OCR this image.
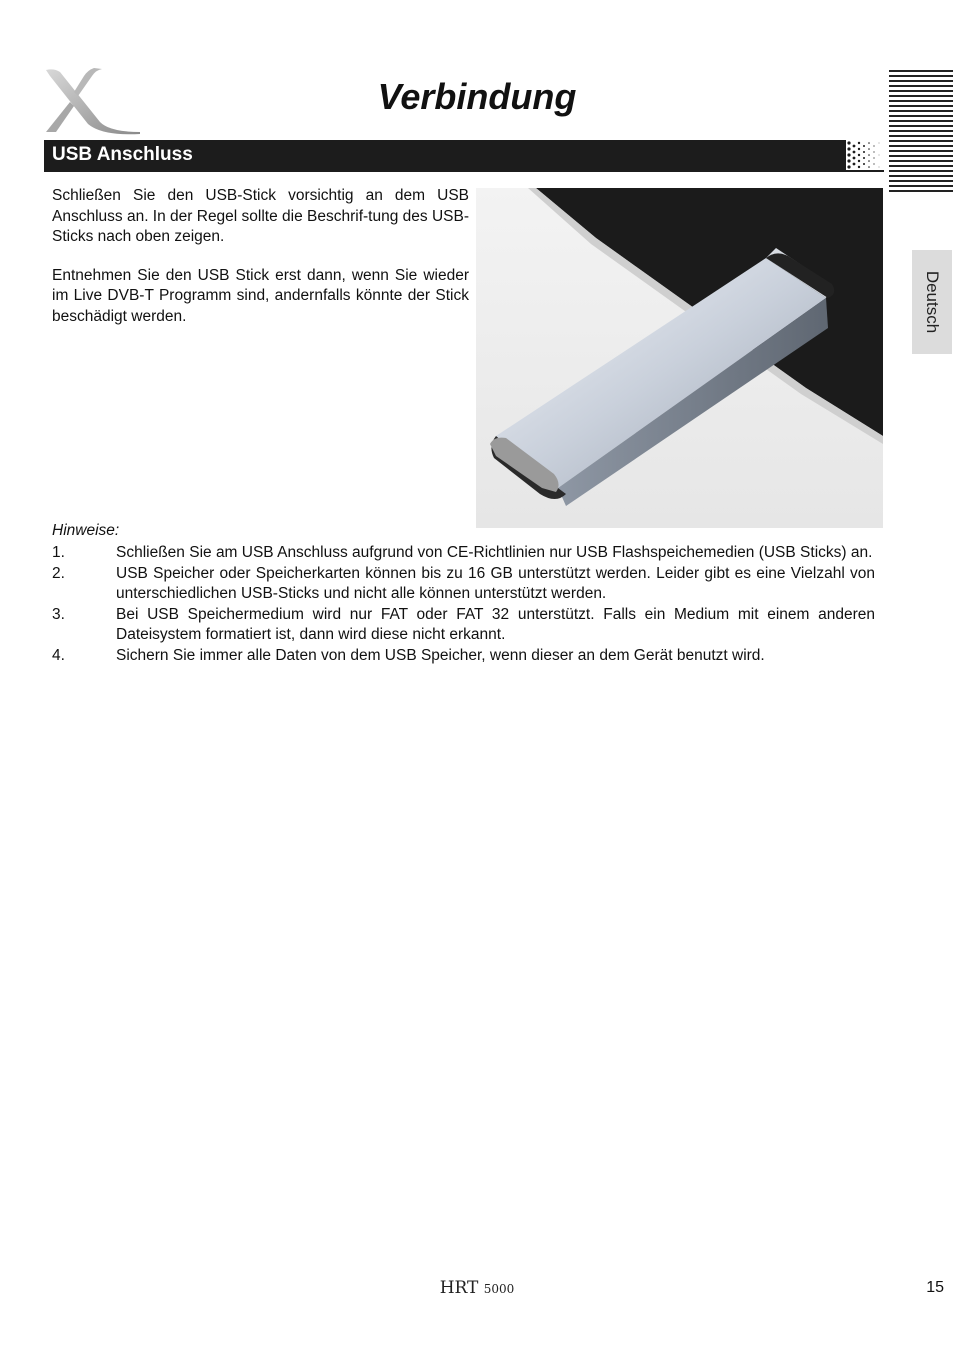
Verbindung
USB Anschluss
Deutsch

Schließen Sie den USB-Stick vorsichtig an dem USB Anschluss an. In der Regel sollte die Beschrif-tung des USB-Sticks nach oben zeigen.

Entnehmen Sie den USB Stick erst dann, wenn Sie wieder im Live DVB-T Programm sind, andernfalls könnte der Stick beschädigt werden.

Hinweise:
1.	Schließen Sie am USB Anschluss aufgrund von CE-Richtlinien nur USB Flashspeichemedien (USB Sticks) an.
2.	USB Speicher oder Speicherkarten können bis zu 16 GB unterstützt werden. Leider gibt es eine Vielzahl von unterschiedlichen USB-Sticks und nicht alle können unterstützt werden.
3.	Bei USB Speichermedium wird nur FAT oder FAT 32 unterstützt. Falls ein Medium mit einem anderen Dateisystem formatiert ist, dann wird diese nicht erkannt.
4.	Sichern Sie immer alle Daten von dem USB Speicher, wenn dieser an dem Gerät benutzt wird.
HRT 5000	15
